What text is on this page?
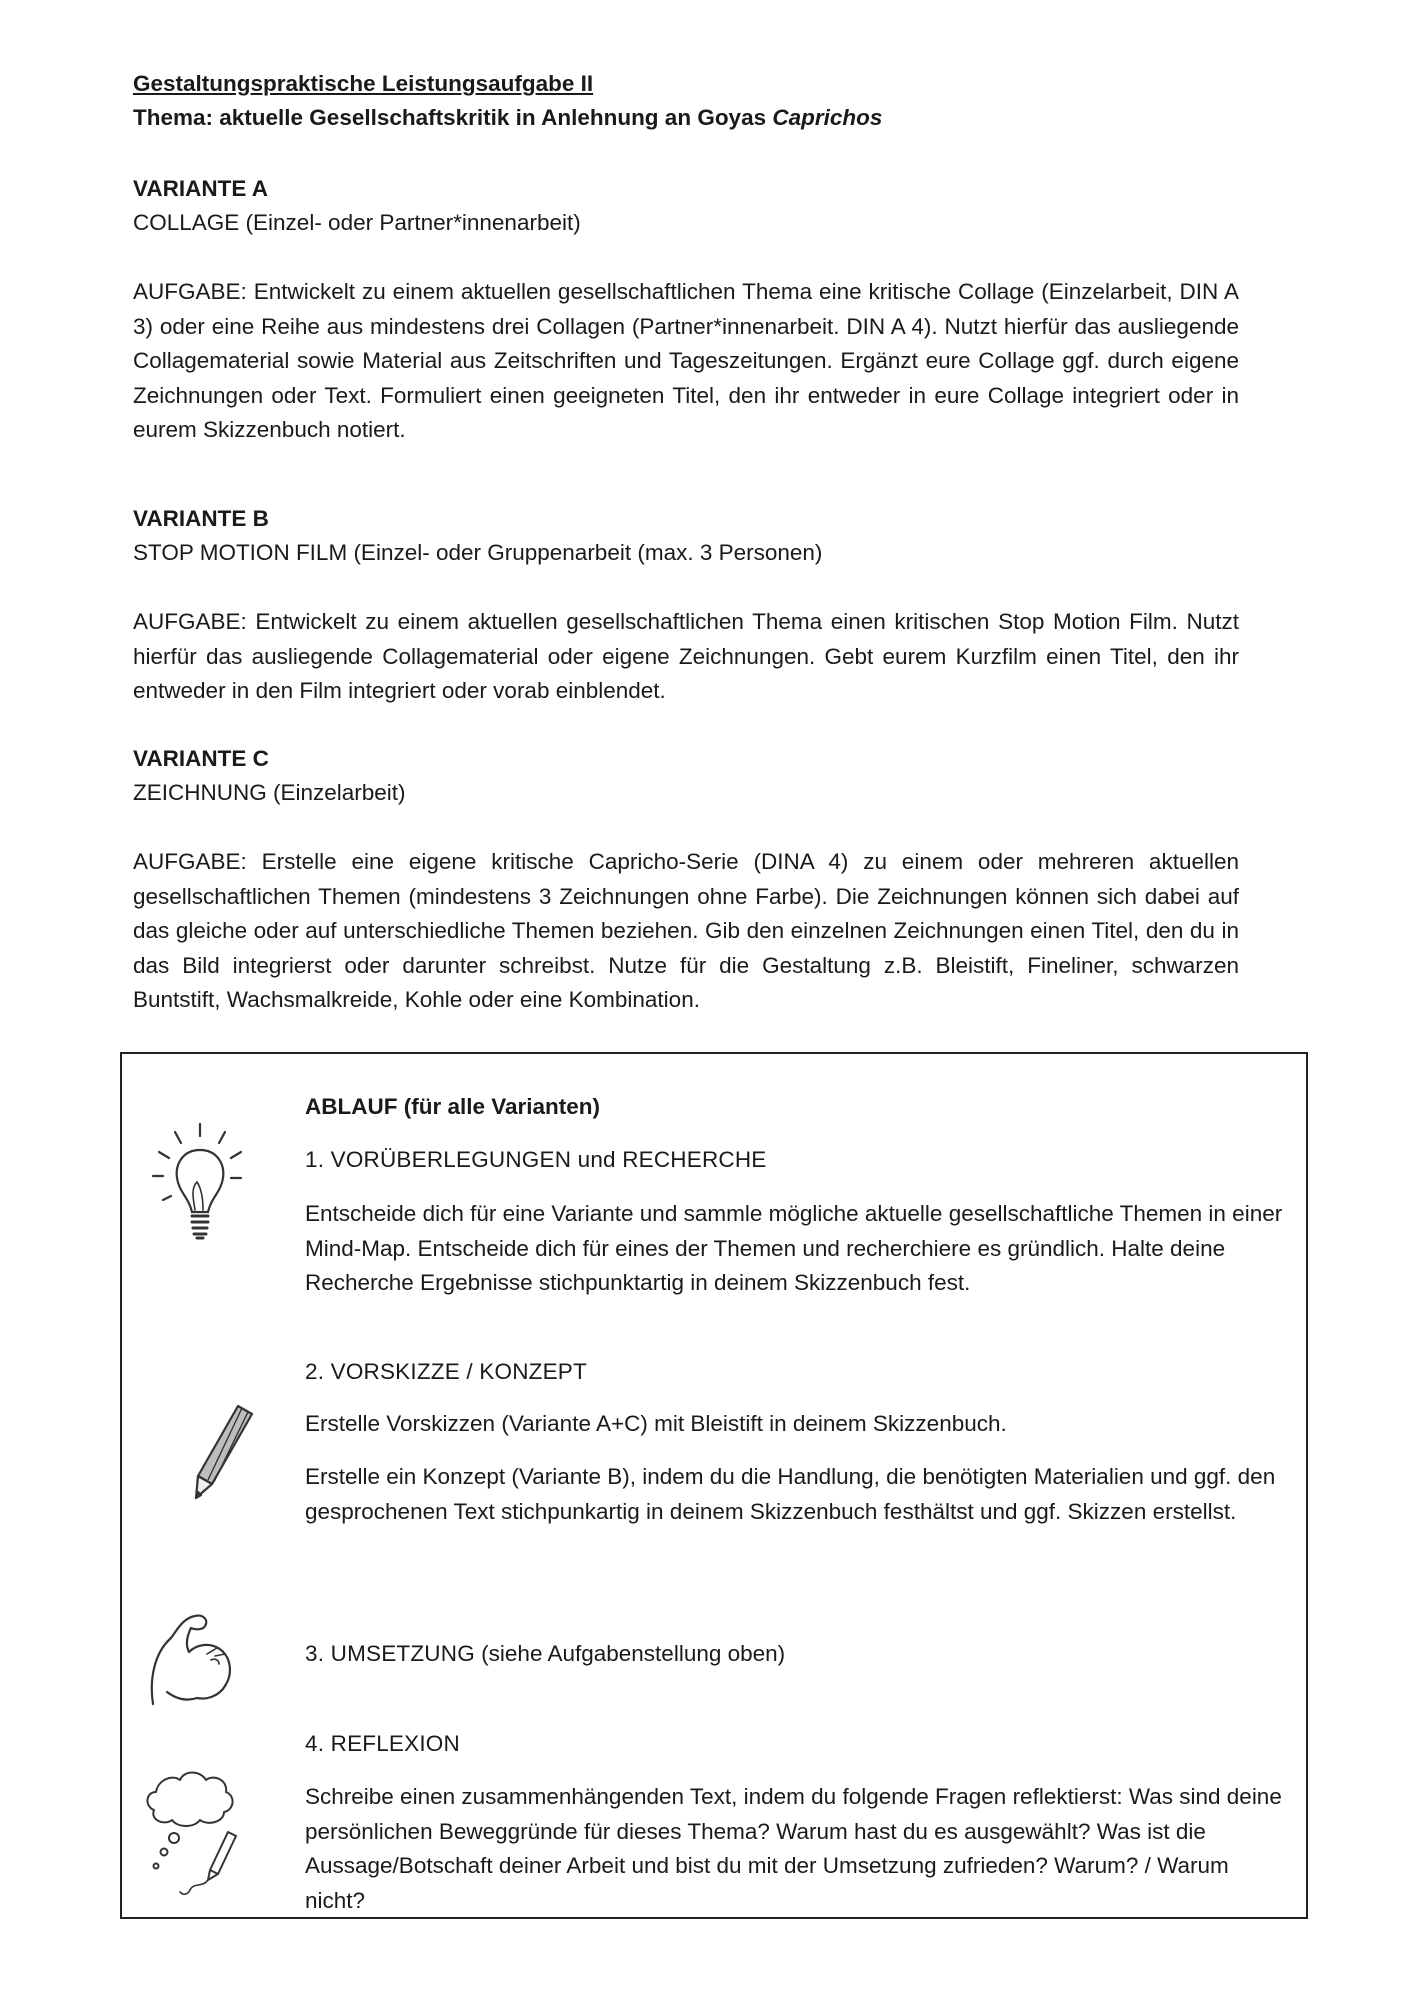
Gestaltungspraktische Leistungsaufgabe II

Thema: aktuelle Gesellschaftskritik in Anlehnung an Goyas Caprichos

VARIANTE A

COLLAGE (Einzel- oder Partner*innenarbeit)

AUFGABE: Entwickelt zu einem aktuellen gesellschaftlichen Thema eine kritische Collage (Einzelarbeit, DIN A 3) oder eine Reihe aus mindestens drei Collagen (Partner*innenarbeit. DIN A 4). Nutzt hierfür das ausliegende Collagematerial sowie Material aus Zeitschriften und Tageszeitungen. Ergänzt eure Collage ggf. durch eigene Zeichnungen oder Text. Formuliert einen geeigneten Titel, den ihr entweder in eure Collage integriert oder in eurem Skizzenbuch notiert.

VARIANTE B

STOP MOTION FILM (Einzel- oder Gruppenarbeit (max. 3 Personen)

AUFGABE: Entwickelt zu einem aktuellen gesellschaftlichen Thema einen kritischen Stop Motion Film. Nutzt hierfür das ausliegende Collagematerial oder eigene Zeichnungen. Gebt eurem Kurzfilm einen Titel, den ihr entweder in den Film integriert oder vorab einblendet.

VARIANTE C

ZEICHNUNG (Einzelarbeit)

AUFGABE: Erstelle eine eigene kritische Capricho-Serie (DINA 4) zu einem oder mehreren aktuellen gesellschaftlichen Themen (mindestens 3 Zeichnungen ohne Farbe). Die Zeichnungen können sich dabei auf das gleiche oder auf unterschiedliche Themen beziehen. Gib den einzelnen Zeichnungen einen Titel, den du in das Bild integrierst oder darunter schreibst. Nutze für die Gestaltung z.B. Bleistift, Fineliner, schwarzen Buntstift, Wachsmalkreide, Kohle oder eine Kombination.

ABLAUF (für alle Varianten)

1. VORÜBERLEGUNGEN und RECHERCHE

Entscheide dich für eine Variante und sammle mögliche aktuelle gesellschaftliche Themen in einer Mind-Map. Entscheide dich für eines der Themen und recherchiere es gründlich. Halte deine Recherche Ergebnisse stichpunktartig in deinem Skizzenbuch fest.

2. VORSKIZZE / KONZEPT

Erstelle Vorskizzen (Variante A+C) mit Bleistift in deinem Skizzenbuch.

Erstelle ein Konzept (Variante B), indem du die Handlung, die benötigten Materialien und ggf. den gesprochenen Text stichpunkartig in deinem Skizzenbuch festhältst und ggf. Skizzen erstellst.

3. UMSETZUNG (siehe Aufgabenstellung oben)

4. REFLEXION

Schreibe einen zusammenhängenden Text, indem du folgende Fragen reflektierst: Was sind deine persönlichen Beweggründe für dieses Thema? Warum hast du es ausgewählt? Was ist die Aussage/Botschaft deiner Arbeit und bist du mit der Umsetzung zufrieden? Warum? / Warum nicht?
